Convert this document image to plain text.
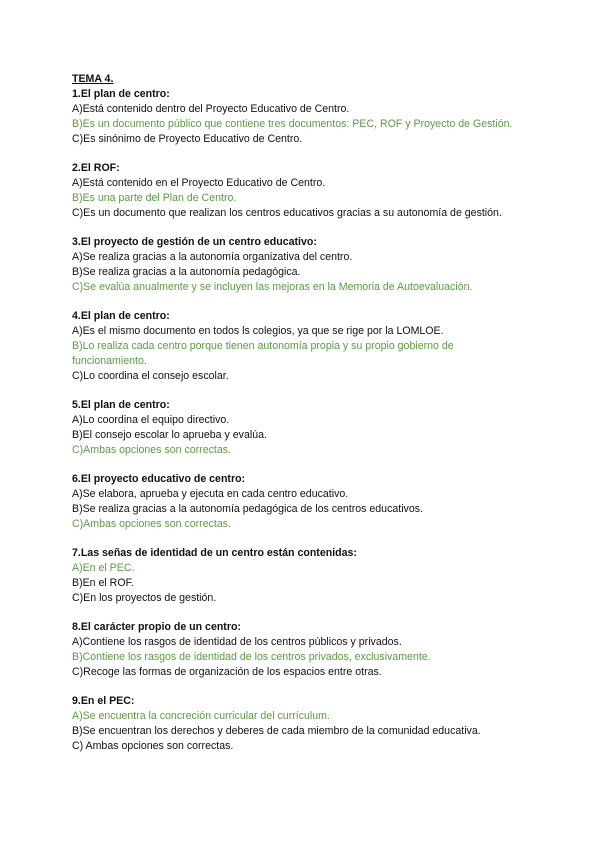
TEMA 4.

1.El plan de centro:

A)Está contenido dentro del Proyecto Educativo de Centro.

B)Es un documento público que contiene tres documentos: PEC, ROF y Proyecto de Gestión.

C)Es sinónimo de Proyecto Educativo de Centro.

2.El ROF:

A)Está contenido en el Proyecto Educativo de Centro.

B)Es una parte del Plan de Centro.

C)Es un documento que realizan los centros educativos gracias a su autonomía de gestión.

3.El proyecto de gestión de un centro educativo:

A)Se realiza gracias a la autonomía organizativa del centro.

B)Se realiza gracias a la autonomía pedagógica.

C)Se evalúa anualmente y se incluyen las mejoras en la Memoria de Autoevaluación.

4.El plan de centro:

A)Es el mismo documento en todos ls colegios, ya que se rige por la LOMLOE.

B)Lo realiza cada centro porque tienen autonomía propia y su propio gobierno de funcionamiento.

C)Lo coordina el consejo escolar.

5.El plan de centro:

A)Lo coordina el equipo directivo.

B)El consejo escolar lo aprueba y evalúa.

C)Ambas opciones son correctas.

6.El proyecto educativo de centro:

A)Se elabora, aprueba y ejecuta en cada centro educativo.

B)Se realiza gracias a la autonomía pedagógica de los centros educativos.

C)Ambas opciones son correctas.

7.Las señas de identidad de un centro están contenidas:

A)En el PEC.

B)En el ROF.

C)En los proyectos de gestión.

8.El carácter propio de un centro:

A)Contiene los rasgos de identidad de los centros públicos y privados.

B)Contiene los rasgos de identidad de los centros privados, exclusivamente.

C)Recoge las formas de organización de los espacios entre otras.

9.En el PEC:

A)Se encuentra la concreción curricular del currículum.

B)Se encuentran los derechos y deberes de cada miembro de la comunidad educativa.

C) Ambas opciones son correctas.
